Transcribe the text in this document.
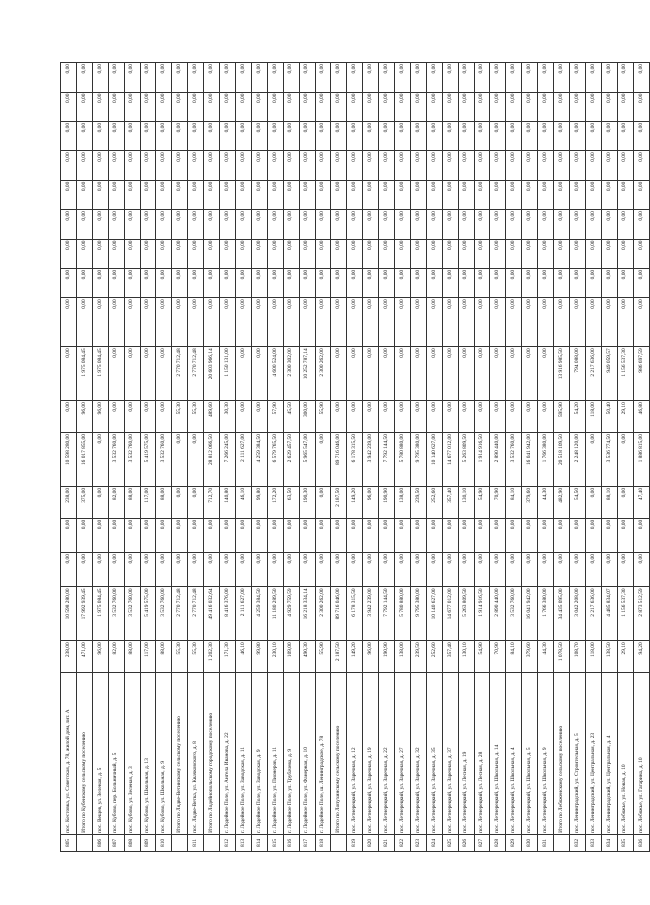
805	пос. Кестовка, ул. Советская, д. 78, жилой дом, лит. А	238,00	10 598 280,00	0,00	0,00	238,00	10 598 280,00	0,00	0,00	0,00	0,00	0,00	0,00	0,00	0,00	0,00	0,00	0,00
	Итого по Кубенскому сельскому поселению	471,00	17 992 939,45	0,00	0,00	375,00	16 017 855,00	96,00	1 975 084,45	0,00	0,00	0,00	0,00	0,00	0,00	0,00	0,00	0,00
806	пос. Вещев, ул. Зеленая, д. 5	96,00	1 975 084,45	0,00	0,00	0,00	0,00	96,00	1 975 084,45	0,00	0,00	0,00	0,00	0,00	0,00	0,00	0,00	0,00
807	пос. Кубово, пер. Больничный, д. 5	82,00	3 532 760,00	0,00	0,00	82,00	3 532 760,00	0,00	0,00	0,00	0,00	0,00	0,00	0,00	0,00	0,00	0,00	0,00
808	пос. Кубово, ул. Зеленая, д. 3	88,00	3 532 760,00	0,00	0,00	88,00	3 532 760,00	0,00	0,00	0,00	0,00	0,00	0,00	0,00	0,00	0,00	0,00	0,00
809	пос. Кубово, ул. Школьная, д. 13	117,00	5 419 575,00	0,00	0,00	117,00	5 419 575,00	0,00	0,00	0,00	0,00	0,00	0,00	0,00	0,00	0,00	0,00	0,00
810	пос. Кубово, ул. Школьная, д. 9	88,00	3 532 760,00	0,00	0,00	88,00	3 532 760,00	0,00	0,00	0,00	0,00	0,00	0,00	0,00	0,00	0,00	0,00	0,00
	Итого по Лядве-Ветинскому сельскому поселению	55,30	2 770 712,48	0,00	0,00	0,00	0,00	55,30	2 770 712,48	0,00	0,00	0,00	0,00	0,00	0,00	0,00	0,00	0,00
811	пос. Лядве-Ветка, ул. Квачковского, д. 8	55,30	2 770 712,48	0,00	0,00	0,00	0,00	55,30	2 770 712,48	0,00	0,00	0,00	0,00	0,00	0,00	0,00	0,00	0,00
	Итого по Лодейнопольскому городскому поселению	1 202,30	49 416 032,64	0,00	0,00	712,70	28 812 066,50	489,60	20 603 966,14	0,00	0,00	0,00	0,00	0,00	0,00	0,00	0,00	0,00
812	г. Лодейное Поле, ул. Ангела Иванова, д. 22	171,30	8 416 376,00	0,00	0,00	140,80	7 266 245,00	30,30	1 150 131,00	0,00	0,00	0,00	0,00	0,00	0,00	0,00	0,00	0,00
813	г. Лодейное Поле, ул. Заводская, д. 11	46,10	2 111 627,00	0,00	0,00	46,10	2 111 627,00	0,00	0,00	0,00	0,00	0,00	0,00	0,00	0,00	0,00	0,00	0,00
814	г. Лодейное Поле, ул. Заводская, д. 9	99,80	4 259 384,50	0,00	0,00	99,80	4 259 384,50	0,00	0,00	0,00	0,00	0,00	0,00	0,00	0,00	0,00	0,00	0,00
815	г. Лодейное Поле, ул. Пионеров, д. 11	230,10	11 180 289,50	0,00	0,00	172,20	6 579 765,50	57,90	4 600 524,00	0,00	0,00	0,00	0,00	0,00	0,00	0,00	0,00	0,00
816	г. Лодейное Поле, ул. Трубачева, д. 9	109,00	4 929 759,59	0,00	0,00	63,50	2 629 457,50	45,50	2 300 302,00	0,00	0,00	0,00	0,00	0,00	0,00	0,00	0,00	0,00
817	г. Лодейное Поле, ул. Фанерная, д. 10	490,30	16 218 334,14	0,00	0,00	190,30	5 965 547,00	300,00	10 252 787,14	0,00	0,00	0,00	0,00	0,00	0,00	0,00	0,00	0,00
818	г. Лодейное Поле, ш. Ленинградское, д. 78	55,90	2 300 262,00	0,00	0,00	0,00	0,00	55,90	2 300 262,00	0,00	0,00	0,00	0,00	0,00	0,00	0,00	0,00	0,00
	Итого по Лопухинскому сельскому поселению	2 187,50	89 716 046,00	0,00	0,00	2 187,50	89 716 046,00	0,00	0,00	0,00	0,00	0,00	0,00	0,00	0,00	0,00	0,00	0,00
819	пос. Летнерецкий, ул. Заречная, д. 12	149,20	6 178 315,50	0,00	0,00	149,20	6 178 315,50	0,00	0,00	0,00	0,00	0,00	0,00	0,00	0,00	0,00	0,00	0,00
820	пос. Летнерецкий, ул. Заречная, д. 19	96,00	3 942 239,00	0,00	0,00	96,00	3 942 239,00	0,00	0,00	0,00	0,00	0,00	0,00	0,00	0,00	0,00	0,00	0,00
821	пос. Летнерецкий, ул. Заречная, д. 22	190,90	7 792 144,50	0,00	0,00	190,90	7 792 144,50	0,00	0,00	0,00	0,00	0,00	0,00	0,00	0,00	0,00	0,00	0,00
822	пос. Летнерецкий, ул. Заречная, д. 27	138,00	5 780 880,00	0,00	0,00	138,00	5 780 880,00	0,00	0,00	0,00	0,00	0,00	0,00	0,00	0,00	0,00	0,00	0,00
823	пос. Летнерецкий, ул. Заречная, д. 32	239,50	9 795 380,00	0,00	0,00	239,50	9 795 380,00	0,00	0,00	0,00	0,00	0,00	0,00	0,00	0,00	0,00	0,00	0,00
824	пос. Летнерецкий, ул. Заречная, д. 35	252,60	10 140 627,00	0,00	0,00	252,60	10 140 627,00	0,00	0,00	0,00	0,00	0,00	0,00	0,00	0,00	0,00	0,00	0,00
825	пос. Летнерецкий, ул. Заречная, д. 37	357,40	14 677 012,00	0,00	0,00	357,40	14 677 012,00	0,00	0,00	0,00	0,00	0,00	0,00	0,00	0,00	0,00	0,00	0,00
826	пос. Летнерецкий, ул. Лесная, д. 19	130,10	5 263 809,50	0,00	0,00	130,10	5 263 809,50	0,00	0,00	0,00	0,00	0,00	0,00	0,00	0,00	0,00	0,00	0,00
827	пос. Летнерецкий, ул. Лесная, д. 28	54,90	1 914 916,50	0,00	0,00	54,90	1 914 916,50	0,00	0,00	0,00	0,00	0,00	0,00	0,00	0,00	0,00	0,00	0,00
828	пос. Летнерецкий, ул. Школьная, д. 14	70,90	2 890 440,00	0,00	0,00	70,90	2 890 440,00	0,00	0,00	0,00	0,00	0,00	0,00	0,00	0,00	0,00	0,00	0,00
829	пос. Летнерецкий, ул. Школьная, д. 4	84,10	3 532 760,00	0,00	0,00	84,10	3 532 760,00	0,00	0,00	0,00	0,00	0,00	0,00	0,00	0,00	0,00	0,00	0,00
830	пос. Летнерецкий, ул. Школьная, д. 5	379,60	16 041 942,00	0,00	0,00	379,60	16 041 942,00	0,00	0,00	0,00	0,00	0,00	0,00	0,00	0,00	0,00	0,00	0,00
831	пос. Летнерецкий, ул. Школьная, д. 9	44,30	1 766 380,00	0,00	0,00	44,30	1 766 380,00	0,00	0,00	0,00	0,00	0,00	0,00	0,00	0,00	0,00	0,00	0,00
	Итого по Лебяженскому сельскому поселению	1 078,50	34 435 095,00	0,00	0,00	482,90	20 518 109,50	595,90	13 916 985,50	0,00	0,00	0,00	0,00	0,00	0,00	0,00	0,00	0,00
832	пос. Ленинградский, ул. Строительная, д. 5	108,70	3 042 208,00	0,00	0,00	54,50	2 248 120,00	54,20	794 088,00	0,00	0,00	0,00	0,00	0,00	0,00	0,00	0,00	0,00
833	пос. Ленинградский, ул. Центральная, д. 23	118,00	2 217 636,00	0,00	0,00	0,00	0,00	118,00	2 217 636,00	0,00	0,00	0,00	0,00	0,00	0,00	0,00	0,00	0,00
834	пос. Ленинградский, ул. Центральная, д. 4	138,50	4 485 834,07	0,00	0,00	88,10	3 536 774,50	50,40	949 059,57	0,00	0,00	0,00	0,00	0,00	0,00	0,00	0,00	0,00
835	пос. Лебяжье, ул. Новая, д. 10	29,10	1 156 537,30	0,00	0,00	0,00	0,00	29,10	1 156 537,30	0,00	0,00	0,00	0,00	0,00	0,00	0,00	0,00	0,00
836	пос. Лебяжье, ул. Гагарина, д. 10	94,20	2 873 512,59	0,00	0,00	47,40	1 886 815,00	46,80	986 697,59	0,00	0,00	0,00	0,00	0,00	0,00	0,00	0,00	0,00
